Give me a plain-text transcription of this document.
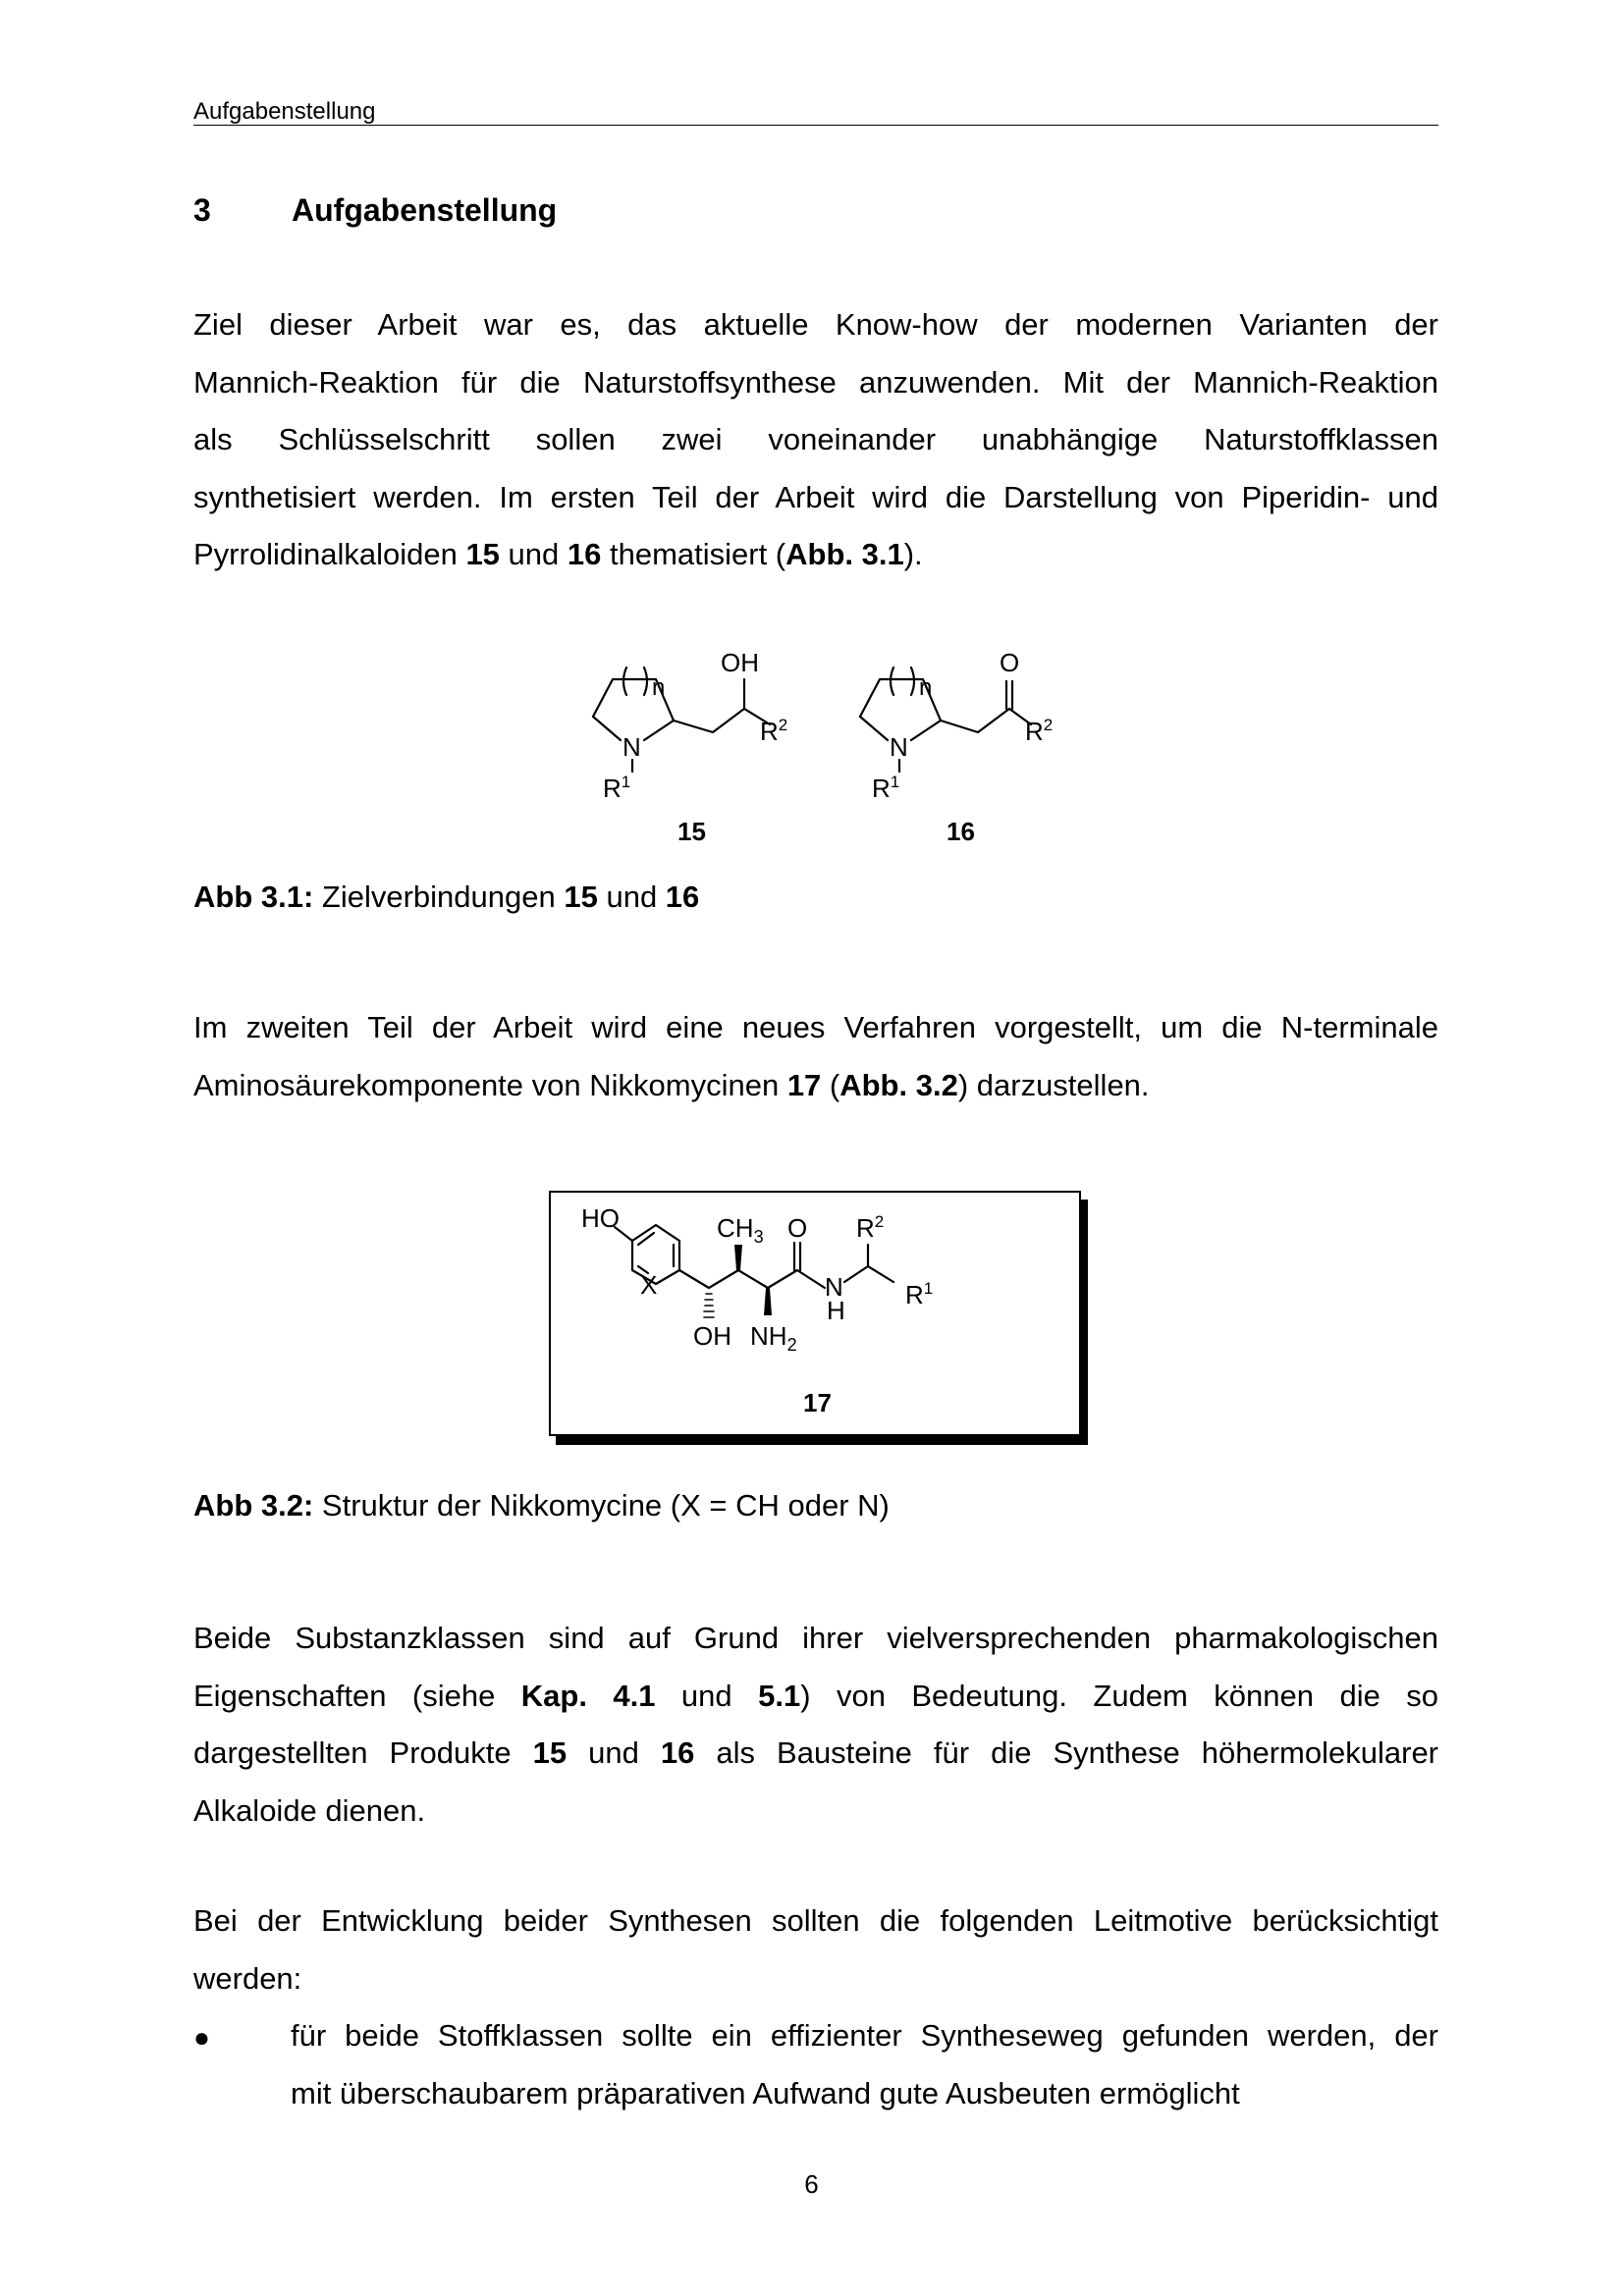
Aufgabenstellung
3	Aufgabenstellung
Ziel dieser Arbeit war es, das aktuelle Know-how der modernen Varianten der
Mannich-Reaktion für die Naturstoffsynthese anzuwenden. Mit der Mannich-Reaktion
als Schlüsselschritt sollen zwei voneinander unabhängige Naturstoffklassen
synthetisiert werden. Im ersten Teil der Arbeit wird die Darstellung von Piperidin- und
Pyrrolidinalkaloiden 15 und 16 thematisiert (Abb. 3.1).
n
N
OH
$R^2$
$R^1$
15
n
N
O
$R^2$
$R^1$
16
Abb 3.1: Zielverbindungen 15 und 16
Im zweiten Teil der Arbeit wird eine neues Verfahren vorgestellt, um die N-terminale
Aminosäurekomponente von Nikkomycinen 17 (Abb. 3.2) darzustellen.
HO
X
$CH_3$ O $R^2$
N
H
$R^1$
OH $NH_2$
17
Abb 3.2: Struktur der Nikkomycine (X = CH oder N)
Beide Substanzklassen sind auf Grund ihrer vielversprechenden pharmakologischen
Eigenschaften (siehe Kap. 4.1 und 5.1) von Bedeutung. Zudem können die so
dargestellten Produkte 15 und 16 als Bausteine für die Synthese höhermolekularer
Alkaloide dienen.
Bei der Entwicklung beider Synthesen sollten die folgenden Leitmotive berücksichtigt
werden:
●	für beide Stoffklassen sollte ein effizienter Syntheseweg gefunden werden, der
mit überschaubarem präparativen Aufwand gute Ausbeuten ermöglicht
6
